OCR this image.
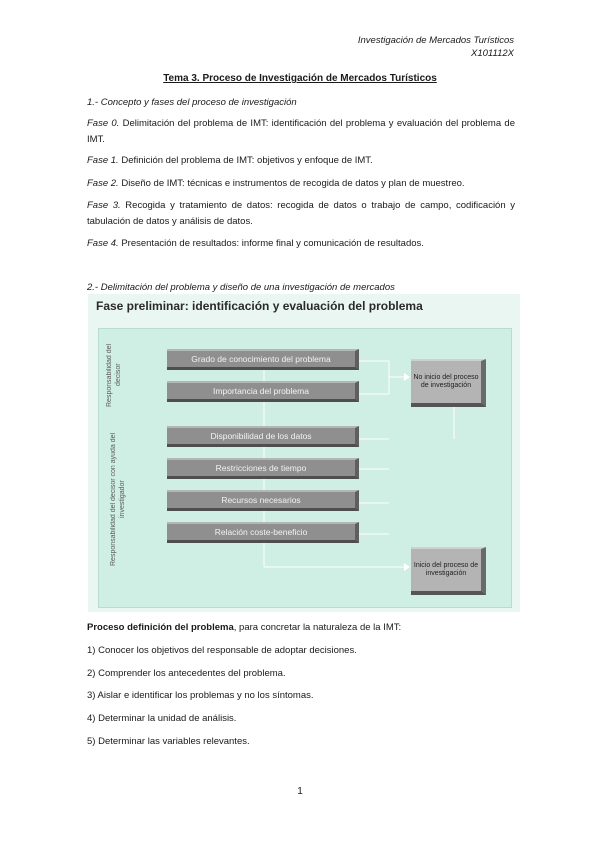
Investigación de Mercados Turísticos
X101112X
Tema 3. Proceso de Investigación de Mercados Turísticos
1.- Concepto y fases del proceso de investigación
Fase 0. Delimitación del problema de IMT: identificación del problema y evaluación del problema de IMT.
Fase 1. Definición del problema de IMT: objetivos y enfoque de IMT.
Fase 2. Diseño de IMT: técnicas e instrumentos de recogida de datos y plan de muestreo.
Fase 3. Recogida y tratamiento de datos: recogida de datos o trabajo de campo, codificación y tabulación de datos y análisis de datos.
Fase 4. Presentación de resultados: informe final y comunicación de resultados.
2.- Delimitación del problema y diseño de una investigación de mercados
Fase preliminar: identificación y evaluación del problema
Responsabilidad del decisor
Responsabilidad del decisor con ayuda del investigador
Grado de conocimiento del problema
Importancia del problema
Disponibilidad de los datos
Restricciones de tiempo
Recursos necesarios
Relación coste-beneficio
No inicio del proceso de investigación
Inicio del proceso de investigación
Proceso definición del problema, para concretar la naturaleza de la IMT:
1) Conocer los objetivos del responsable de adoptar decisiones.
2) Comprender los antecedentes del problema.
3) Aislar e identificar los problemas y no los síntomas.
4) Determinar la unidad de análisis.
5) Determinar las variables relevantes.
1
